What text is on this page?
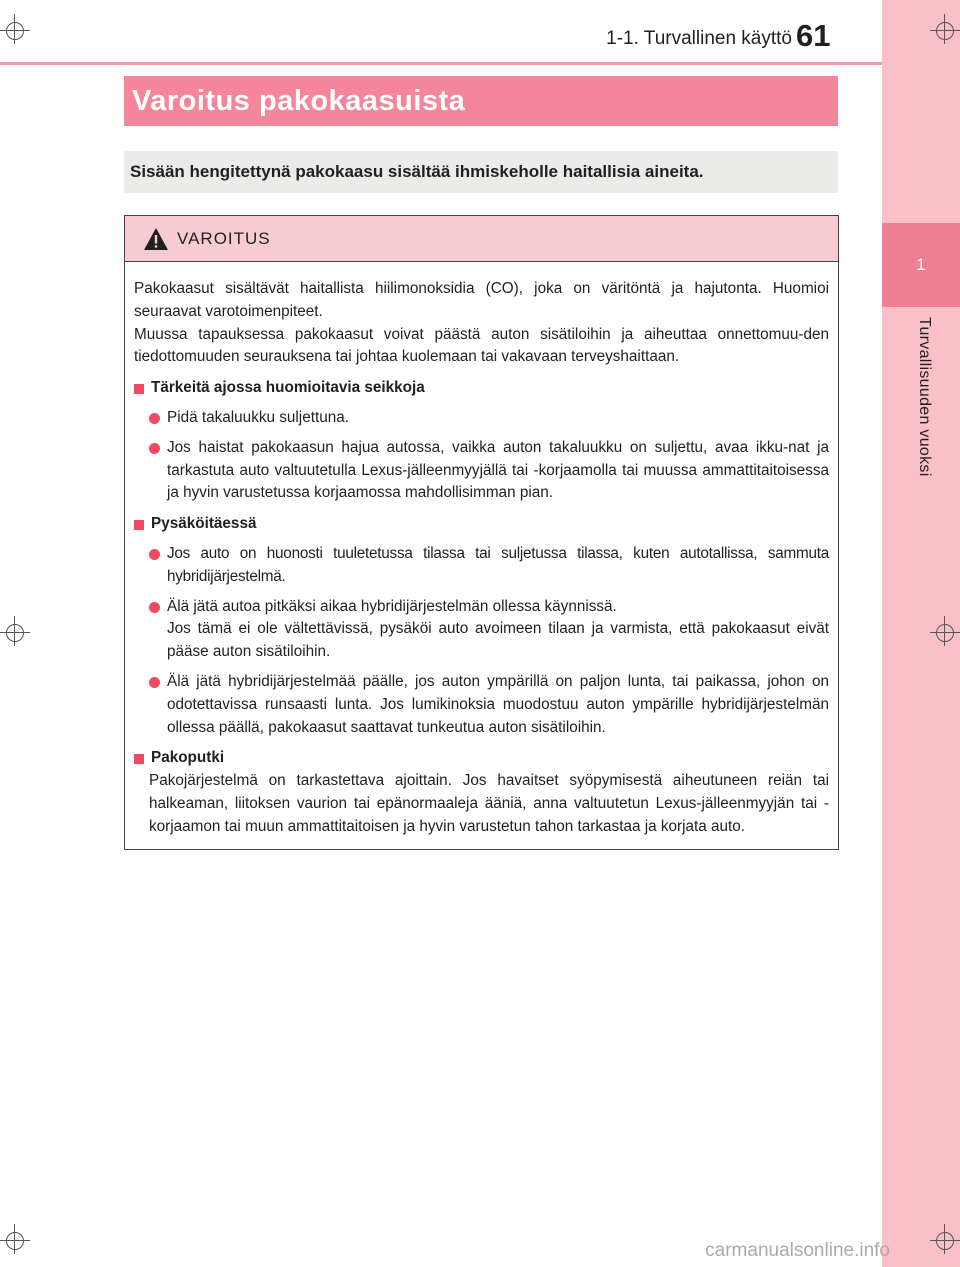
1
Turvallisuuden vuoksi
1-1. Turvallinen käyttö 61
Varoitus pakokaasuista
Sisään hengitettynä pakokaasu sisältää ihmiskeholle haitallisia aineita.
VAROITUS

Pakokaasut sisältävät haitallista hiilimonoksidia (CO), joka on väritöntä ja hajutonta. Huomioi seuraavat varotoimenpiteet.

Muussa tapauksessa pakokaasut voivat päästä auton sisätiloihin ja aiheuttaa onnettomuu-den tiedottomuuden seurauksena tai johtaa kuolemaan tai vakavaan terveyshaittaan.

Tärkeitä ajossa huomioitavia seikkoja
Pidä takaluukku suljettuna.
Jos haistat pakokaasun hajua autossa, vaikka auton takaluukku on suljettu, avaa ikku-nat ja tarkastuta auto valtuutetulla Lexus-jälleenmyyjällä tai -korjaamolla tai muussa ammattitaitoisessa ja hyvin varustetussa korjaamossa mahdollisimman pian.
Pysäköitäessä
Jos auto on huonosti tuuletetussa tilassa tai suljetussa tilassa, kuten autotallissa, sammuta hybridijärjestelmä.
Älä jätä autoa pitkäksi aikaa hybridijärjestelmän ollessa käynnissä.
Jos tämä ei ole vältettävissä, pysäköi auto avoimeen tilaan ja varmista, että pakokaasut eivät pääse auton sisätiloihin.
Älä jätä hybridijärjestelmää päälle, jos auton ympärillä on paljon lunta, tai paikassa, johon on odotettavissa runsaasti lunta. Jos lumikinoksia muodostuu auton ympärille hybridijärjestelmän ollessa päällä, pakokaasut saattavat tunkeutua auton sisätiloihin.
Pakoputki

Pakojärjestelmä on tarkastettava ajoittain. Jos havaitset syöpymisestä aiheutuneen reiän tai halkeaman, liitoksen vaurion tai epänormaaleja ääniä, anna valtuutetun Lexus-jälleenmyyjän tai -korjaamon tai muun ammattitaitoisen ja hyvin varustetun tahon tarkastaa ja korjata auto.

carmanualsonline.info
